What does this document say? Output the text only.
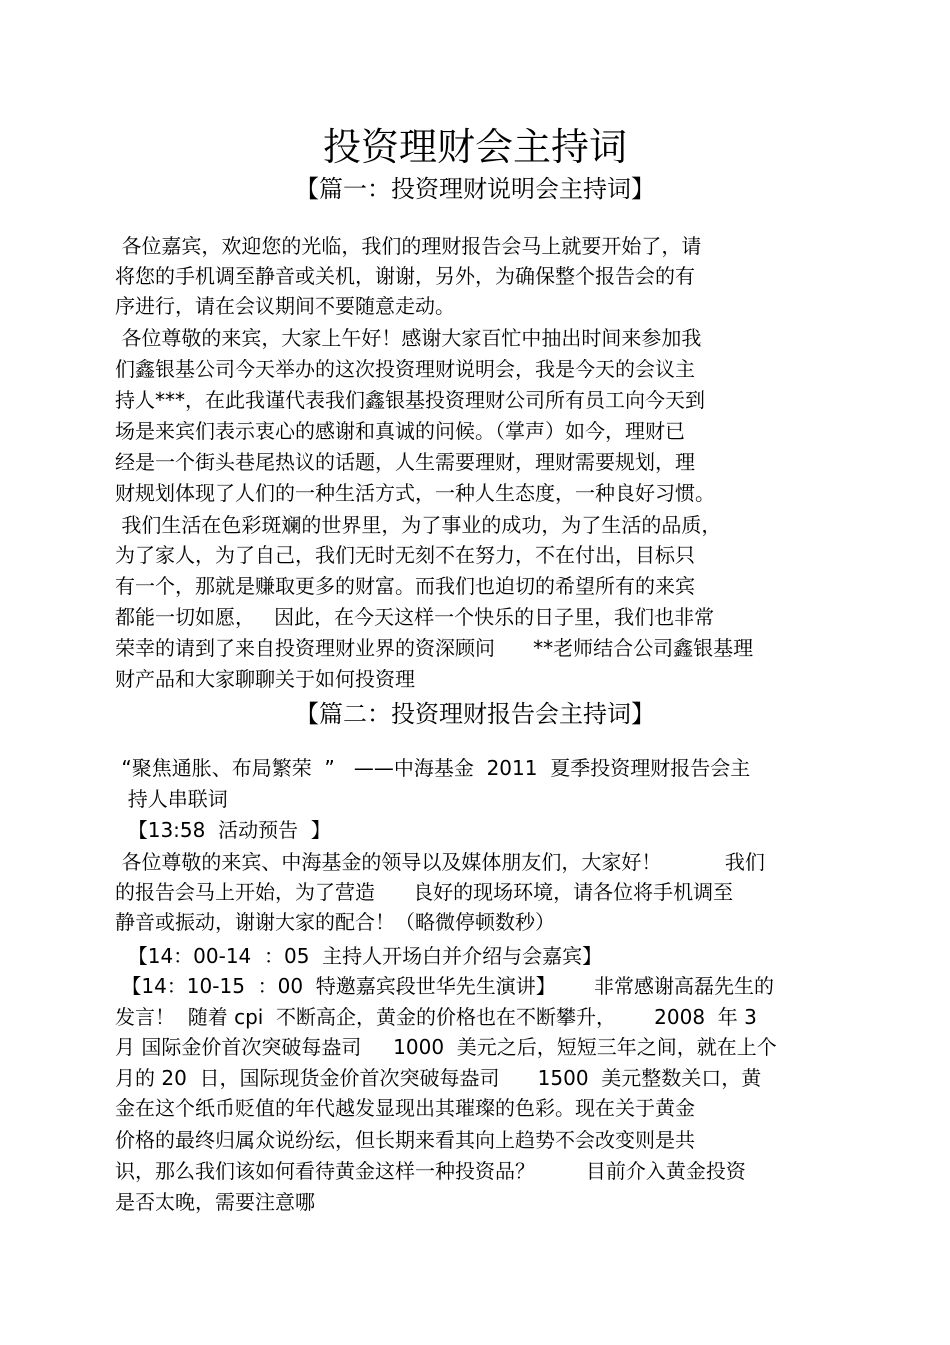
投资理财会主持词
【篇一：投资理财说明会主持词】
各位嘉宾，欢迎您的光临，我们的理财报告会马上就要开始了，请
将您的手机调至静音或关机，谢谢，另外，为确保整个报告会的有
序进行，请在会议期间不要随意走动。
各位尊敬的来宾，大家上午好！感谢大家百忙中抽出时间来参加我
们鑫银基公司今天举办的这次投资理财说明会，我是今天的会议主
持人***，在此我谨代表我们鑫银基投资理财公司所有员工向今天到
场是来宾们表示衷心的感谢和真诚的问候。（掌声）如今，理财已
经是一个街头巷尾热议的话题，人生需要理财，理财需要规划，理
财规划体现了人们的一种生活方式，一种人生态度，一种良好习惯。
我们生活在色彩斑斓的世界里，为了事业的成功，为了生活的品质，
为了家人，为了自己，我们无时无刻不在努力，不在付出，目标只
有一个，那就是赚取更多的财富。而我们也迫切的希望所有的来宾
都能一切如愿，   因此，在今天这样一个快乐的日子里，我们也非常
荣幸的请到了来自投资理财业界的资深顾问      **老师结合公司鑫银基理
财产品和大家聊聊关于如何投资理
【篇二：投资理财报告会主持词】
“聚焦通胀、布局繁荣  ”   ——中海基金  2011  夏季投资理财报告会主
持人串联词
【13:58  活动预告  】
各位尊敬的来宾、中海基金的领导以及媒体朋友们，大家好！          我们
的报告会马上开始，为了营造      良好的现场环境，请各位将手机调至
静音或振动，谢谢大家的配合！（略微停顿数秒）
【14：00-14  ：05  主持人开场白并介绍与会嘉宾】
【14：10-15  ：00  特邀嘉宾段世华先生演讲】      非常感谢高磊先生的
发言！  随着 cpi  不断高企，黄金的价格也在不断攀升，      2008  年 3
月 国际金价首次突破每盎司     1000  美元之后，短短三年之间，就在上个
月的 20  日，国际现货金价首次突破每盎司      1500  美元整数关口，黄
金在这个纸币贬值的年代越发显现出其璀璨的色彩。现在关于黄金
价格的最终归属众说纷纭，但长期来看其向上趋势不会改变则是共
识，那么我们该如何看待黄金这样一种投资品？        目前介入黄金投资
是否太晚，需要注意哪
